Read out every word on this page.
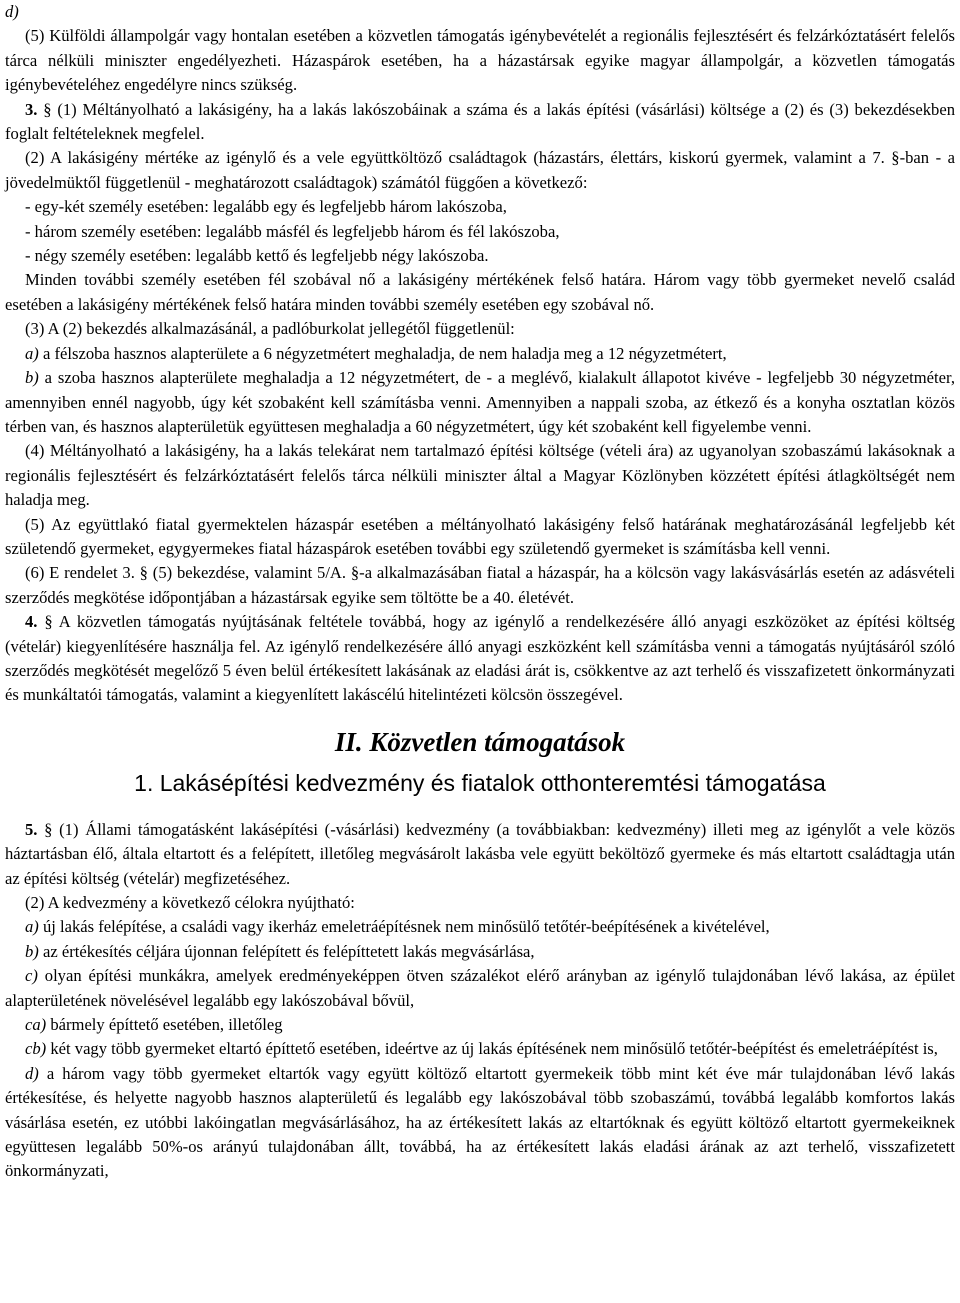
d)

(5) Külföldi állampolgár vagy hontalan esetében a közvetlen támogatás igénybevételét a regionális fejlesztésért és felzárkóztatásért felelős tárca nélküli miniszter engedélyezheti. Házaspárok esetében, ha a házastársak egyike magyar állampolgár, a közvetlen támogatás igénybevételéhez engedélyre nincs szükség.

3. § (1) Méltányolható a lakásigény, ha a lakás lakószobáinak a száma és a lakás építési (vásárlási) költsége a (2) és (3) bekezdésekben foglalt feltételeknek megfelel.

(2) A lakásigény mértéke az igénylő és a vele együttköltöző családtagok (házastárs, élettárs, kiskorú gyermek, valamint a 7. §-ban - a jövedelmüktől függetlenül - meghatározott családtagok) számától függően a következő:

- egy-két személy esetében: legalább egy és legfeljebb három lakószoba,

- három személy esetében: legalább másfél és legfeljebb három és fél lakószoba,

- négy személy esetében: legalább kettő és legfeljebb négy lakószoba.

Minden további személy esetében fél szobával nő a lakásigény mértékének felső határa. Három vagy több gyermeket nevelő család esetében a lakásigény mértékének felső határa minden további személy esetében egy szobával nő.

(3) A (2) bekezdés alkalmazásánál, a padlóburkolat jellegétől függetlenül:

a) a félszoba hasznos alapterülete a 6 négyzetmétert meghaladja, de nem haladja meg a 12 négyzetmétert,

b) a szoba hasznos alapterülete meghaladja a 12 négyzetmétert, de - a meglévő, kialakult állapotot kivéve - legfeljebb 30 négyzetméter, amennyiben ennél nagyobb, úgy két szobaként kell számításba venni. Amennyiben a nappali szoba, az étkező és a konyha osztatlan közös térben van, és hasznos alapterületük együttesen meghaladja a 60 négyzetmétert, úgy két szobaként kell figyelembe venni.

(4) Méltányolható a lakásigény, ha a lakás telekárat nem tartalmazó építési költsége (vételi ára) az ugyanolyan szobaszámú lakásoknak a regionális fejlesztésért és felzárkóztatásért felelős tárca nélküli miniszter által a Magyar Közlönyben közzétett építési átlagköltségét nem haladja meg.

(5) Az együttlakó fiatal gyermektelen házaspár esetében a méltányolható lakásigény felső határának meghatározásánál legfeljebb két születendő gyermeket, egygyermekes fiatal házaspárok esetében további egy születendő gyermeket is számításba kell venni.

(6) E rendelet 3. § (5) bekezdése, valamint 5/A. §-a alkalmazásában fiatal a házaspár, ha a kölcsön vagy lakásvásárlás esetén az adásvételi szerződés megkötése időpontjában a házastársak egyike sem töltötte be a 40. életévét.

4. § A közvetlen támogatás nyújtásának feltétele továbbá, hogy az igénylő a rendelkezésére álló anyagi eszközöket az építési költség (vételár) kiegyenlítésére használja fel. Az igénylő rendelkezésére álló anyagi eszközként kell számításba venni a támogatás nyújtásáról szóló szerződés megkötését megelőző 5 éven belül értékesített lakásának az eladási árát is, csökkentve az azt terhelő és visszafizetett önkormányzati és munkáltatói támogatás, valamint a kiegyenlített lakáscélú hitelintézeti kölcsön összegével.

II. Közvetlen támogatások
1. Lakásépítési kedvezmény és fiatalok otthonteremtési támogatása

5. § (1) Állami támogatásként lakásépítési (-vásárlási) kedvezmény (a továbbiakban: kedvezmény) illeti meg az igénylőt a vele közös háztartásban élő, általa eltartott és a felépített, illetőleg megvásárolt lakásba vele együtt beköltöző gyermeke és más eltartott családtagja után az építési költség (vételár) megfizetéséhez.

(2) A kedvezmény a következő célokra nyújtható:

a) új lakás felépítése, a családi vagy ikerház emeletráépítésnek nem minősülő tetőtér-beépítésének a kivételével,

b) az értékesítés céljára újonnan felépített és felépíttetett lakás megvásárlása,

c) olyan építési munkákra, amelyek eredményeképpen ötven százalékot elérő arányban az igénylő tulajdonában lévő lakása, az épület alapterületének növelésével legalább egy lakószobával bővül,

ca) bármely építtető esetében, illetőleg

cb) két vagy több gyermeket eltartó építtető esetében, ideértve az új lakás építésének nem minősülő tetőtér-beépítést és emeletráépítést is,

d) a három vagy több gyermeket eltartók vagy együtt költöző eltartott gyermekeik több mint két éve már tulajdonában lévő lakás értékesítése, és helyette nagyobb hasznos alapterületű és legalább egy lakószobával több szobaszámú, továbbá legalább komfortos lakás vásárlása esetén, ez utóbbi lakóingatlan megvásárlásához, ha az értékesített lakás az eltartóknak és együtt költöző eltartott gyermekeiknek együttesen legalább 50%-os arányú tulajdonában állt, továbbá, ha az értékesített lakás eladási árának az azt terhelő, visszafizetett önkormányzati,
